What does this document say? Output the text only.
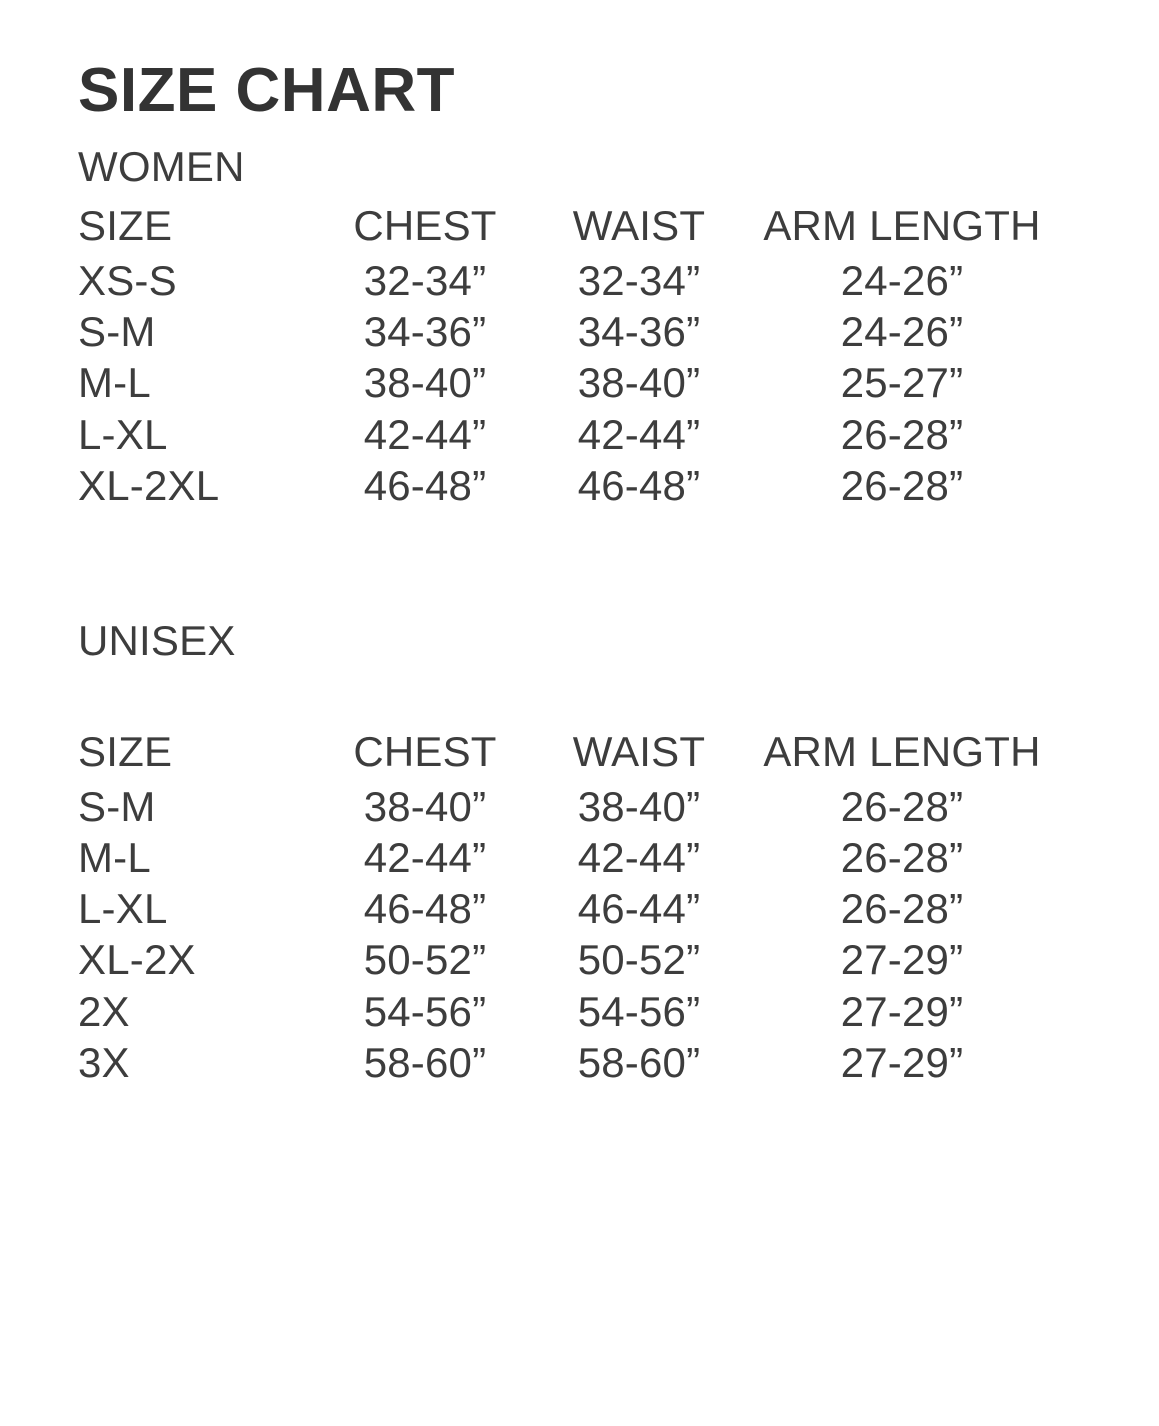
SIZE CHART
WOMEN
SIZE	CHEST	WAIST	ARM LENGTH
XS-S	32-34”	32-34”	24-26”
S-M	34-36”	34-36”	24-26”
M-L	38-40”	38-40”	25-27”
L-XL	42-44”	42-44”	26-28”
XL-2XL	46-48”	46-48”	26-28”
UNISEX
SIZE	CHEST	WAIST	ARM LENGTH
S-M	38-40”	38-40”	26-28”
M-L	42-44”	42-44”	26-28”
L-XL	46-48”	46-44”	26-28”
XL-2X	50-52”	50-52”	27-29”
2X	54-56”	54-56”	27-29”
3X	58-60”	58-60”	27-29”
